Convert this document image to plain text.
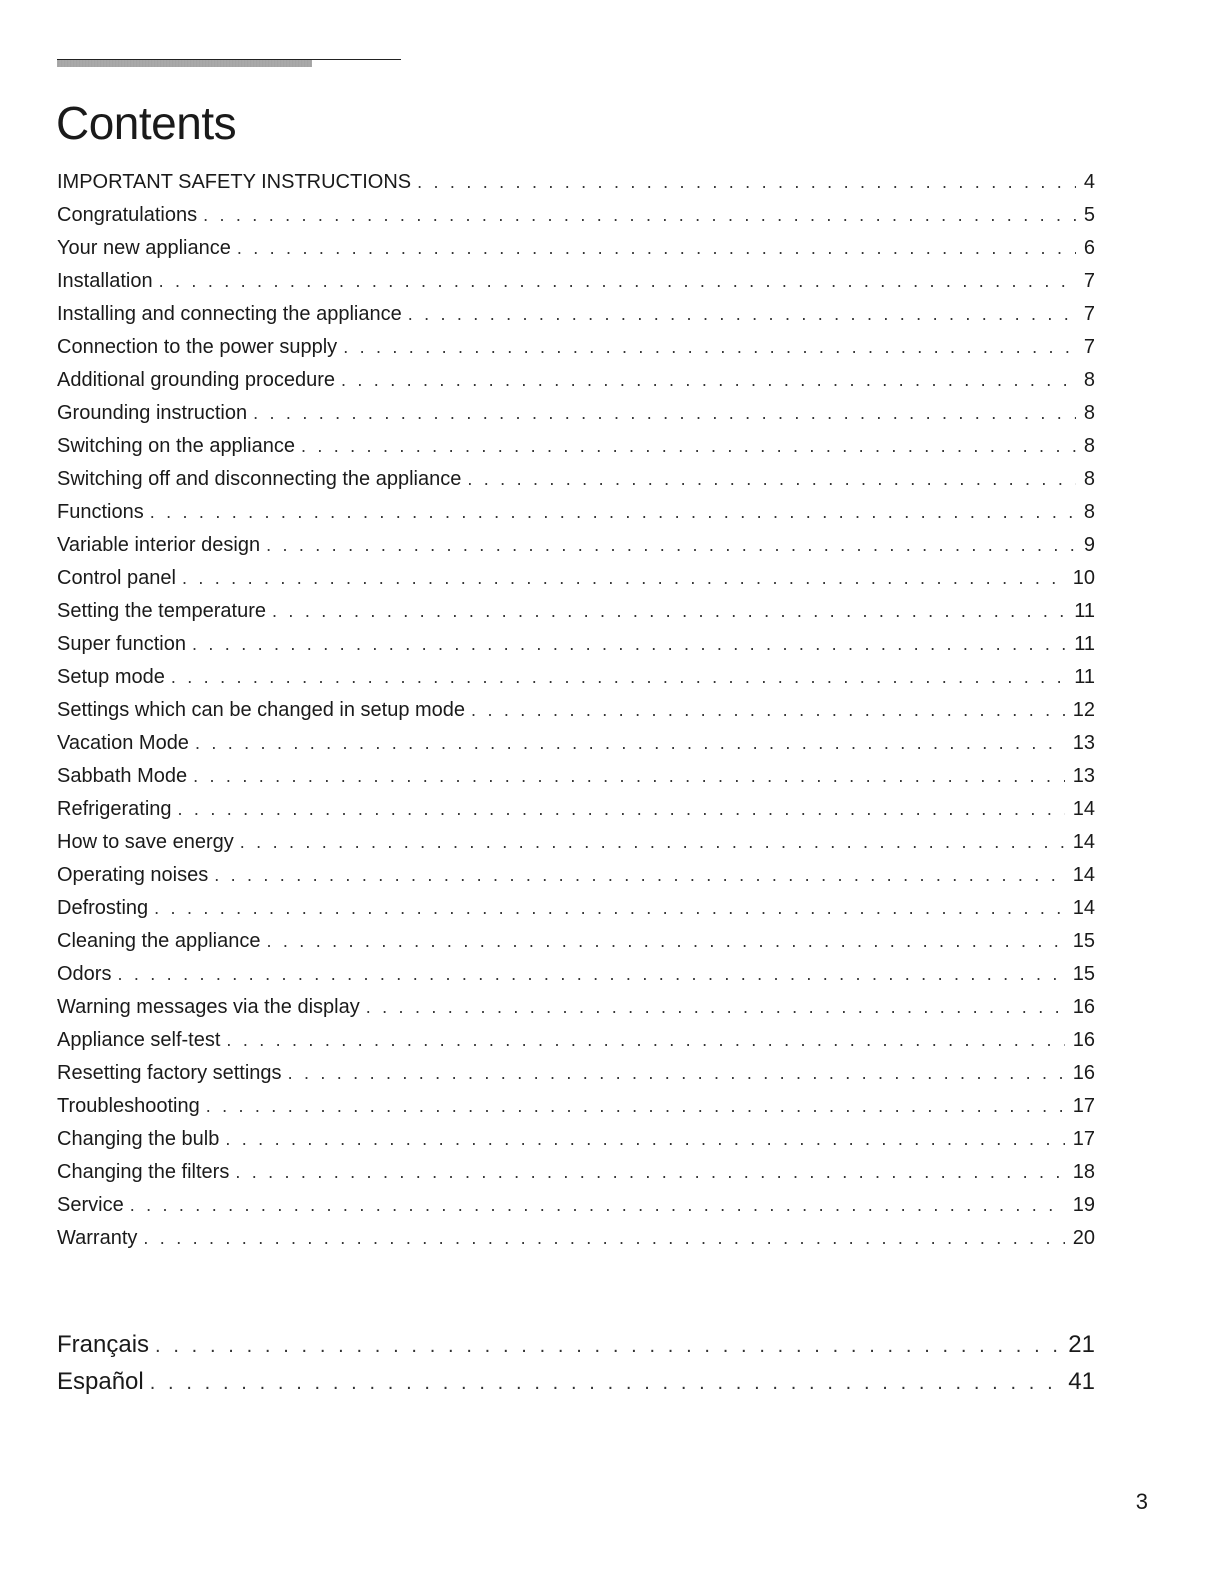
Contents
IMPORTANT SAFETY INSTRUCTIONS . . .	4
Congratulations . . .	5
Your new appliance . . .	6
Installation . . .	7
Installing and connecting the appliance . . .	7
Connection to the power supply . . .	7
Additional grounding procedure . . .	8
Grounding instruction . . .	8
Switching on the appliance . . .	8
Switching off and disconnecting the appliance . . .	8
Functions . . .	8
Variable interior design . . .	9
Control panel . . .	10
Setting the temperature . . .	11
Super function . . .	11
Setup mode . . .	11
Settings which can be changed in setup mode . . .	12
Vacation Mode . . .	13
Sabbath Mode . . .	13
Refrigerating . . .	14
How to save energy . . .	14
Operating noises . . .	14
Defrosting . . .	14
Cleaning the appliance . . .	15
Odors . . .	15
Warning messages via the display . . .	16
Appliance self-test . . .	16
Resetting factory settings . . .	16
Troubleshooting . . .	17
Changing the bulb . . .	17
Changing the filters . . .	18
Service . . .	19
Warranty . . .	20
Français . . .	21
Español . . .	41
3
